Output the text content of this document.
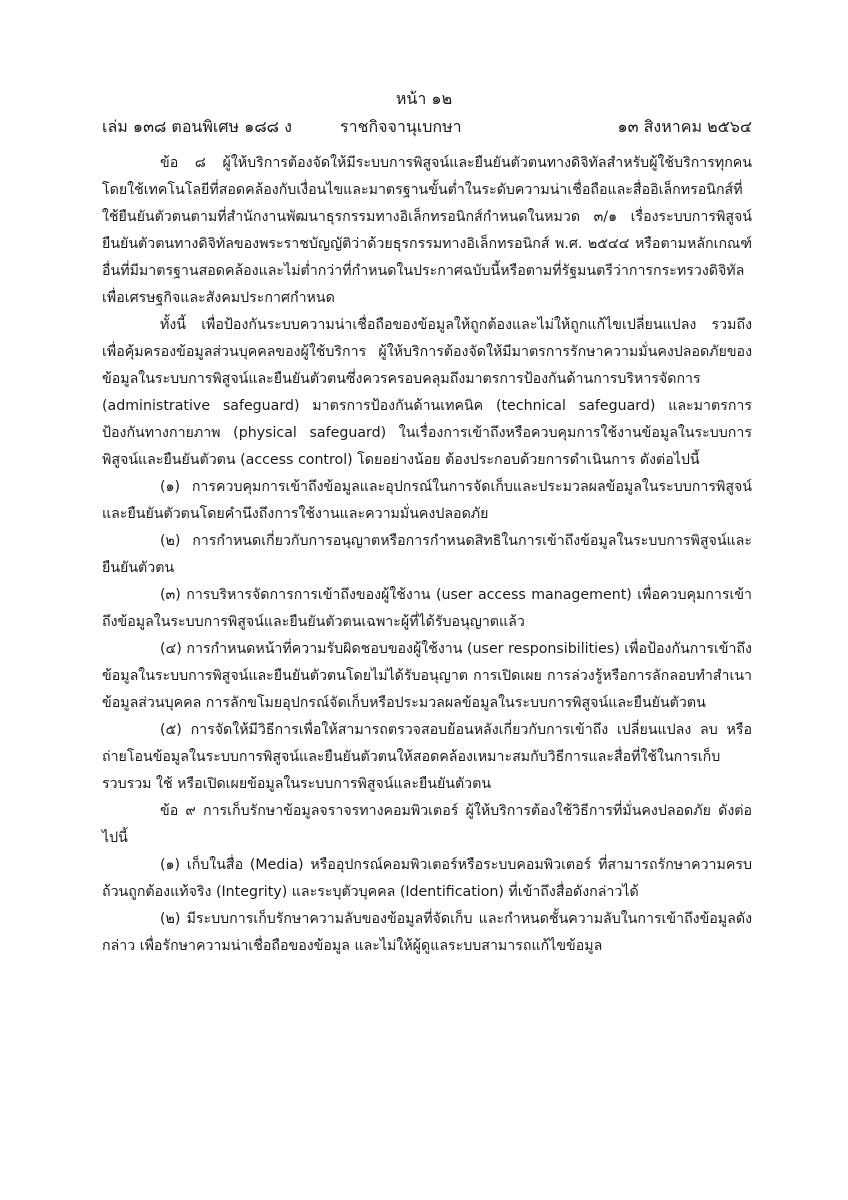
หน้า ๑๒
เล่ม ๑๓๘ ตอนพิเศษ ๑๘๘ ง	ราชกิจจานุเบกษา	๑๓ สิงหาคม ๒๕๖๔

ข้อ ๘ ผู้ให้บริการต้องจัดให้มีระบบการพิสูจน์และยืนยันตัวตนทางดิจิทัลสำหรับผู้ใช้บริการทุกคนโดยใช้เทคโนโลยีที่สอดคล้องกับเงื่อนไขและมาตรฐานขั้นต่ำในระดับความน่าเชื่อถือและสื่ออิเล็กทรอนิกส์ที่ใช้ยืนยันตัวตนตามที่สำนักงานพัฒนาธุรกรรมทางอิเล็กทรอนิกส์กำหนดในหมวด ๓/๑ เรื่องระบบการพิสูจน์ยืนยันตัวตนทางดิจิทัลของพระราชบัญญัติว่าด้วยธุรกรรมทางอิเล็กทรอนิกส์ พ.ศ. ๒๕๔๔ หรือตามหลักเกณฑ์อื่นที่มีมาตรฐานสอดคล้องและไม่ต่ำกว่าที่กำหนดในประกาศฉบับนี้หรือตามที่รัฐมนตรีว่าการกระทรวงดิจิทัลเพื่อเศรษฐกิจและสังคมประกาศกำหนด

ทั้งนี้ เพื่อป้องกันระบบความน่าเชื่อถือของข้อมูลให้ถูกต้องและไม่ให้ถูกแก้ไขเปลี่ยนแปลง รวมถึงเพื่อคุ้มครองข้อมูลส่วนบุคคลของผู้ใช้บริการ ผู้ให้บริการต้องจัดให้มีมาตรการรักษาความมั่นคงปลอดภัยของข้อมูลในระบบการพิสูจน์และยืนยันตัวตนซึ่งควรครอบคลุมถึงมาตรการป้องกันด้านการบริหารจัดการ (administrative safeguard) มาตรการป้องกันด้านเทคนิค (technical safeguard) และมาตรการป้องกันทางกายภาพ (physical safeguard) ในเรื่องการเข้าถึงหรือควบคุมการใช้งานข้อมูลในระบบการพิสูจน์และยืนยันตัวตน (access control) โดยอย่างน้อย ต้องประกอบด้วยการดำเนินการ ดังต่อไปนี้

(๑) การควบคุมการเข้าถึงข้อมูลและอุปกรณ์ในการจัดเก็บและประมวลผลข้อมูลในระบบการพิสูจน์และยืนยันตัวตนโดยคำนึงถึงการใช้งานและความมั่นคงปลอดภัย

(๒) การกำหนดเกี่ยวกับการอนุญาตหรือการกำหนดสิทธิในการเข้าถึงข้อมูลในระบบการพิสูจน์และยืนยันตัวตน

(๓) การบริหารจัดการการเข้าถึงของผู้ใช้งาน (user access management) เพื่อควบคุมการเข้าถึงข้อมูลในระบบการพิสูจน์และยืนยันตัวตนเฉพาะผู้ที่ได้รับอนุญาตแล้ว

(๔) การกำหนดหน้าที่ความรับผิดชอบของผู้ใช้งาน (user responsibilities) เพื่อป้องกันการเข้าถึงข้อมูลในระบบการพิสูจน์และยืนยันตัวตนโดยไม่ได้รับอนุญาต การเปิดเผย การล่วงรู้หรือการลักลอบทำสำเนาข้อมูลส่วนบุคคล การลักขโมยอุปกรณ์จัดเก็บหรือประมวลผลข้อมูลในระบบการพิสูจน์และยืนยันตัวตน

(๕) การจัดให้มีวิธีการเพื่อให้สามารถตรวจสอบย้อนหลังเกี่ยวกับการเข้าถึง เปลี่ยนแปลง ลบ หรือถ่ายโอนข้อมูลในระบบการพิสูจน์และยืนยันตัวตนให้สอดคล้องเหมาะสมกับวิธีการและสื่อที่ใช้ในการเก็บรวบรวม ใช้ หรือเปิดเผยข้อมูลในระบบการพิสูจน์และยืนยันตัวตน

ข้อ ๙ การเก็บรักษาข้อมูลจราจรทางคอมพิวเตอร์ ผู้ให้บริการต้องใช้วิธีการที่มั่นคงปลอดภัย ดังต่อไปนี้

(๑) เก็บในสื่อ (Media) หรืออุปกรณ์คอมพิวเตอร์หรือระบบคอมพิวเตอร์ ที่สามารถรักษาความครบถ้วนถูกต้องแท้จริง (Integrity) และระบุตัวบุคคล (Identification) ที่เข้าถึงสื่อดังกล่าวได้

(๒) มีระบบการเก็บรักษาความลับของข้อมูลที่จัดเก็บ และกำหนดชั้นความลับในการเข้าถึงข้อมูลดังกล่าว เพื่อรักษาความน่าเชื่อถือของข้อมูล และไม่ให้ผู้ดูแลระบบสามารถแก้ไขข้อมูล
